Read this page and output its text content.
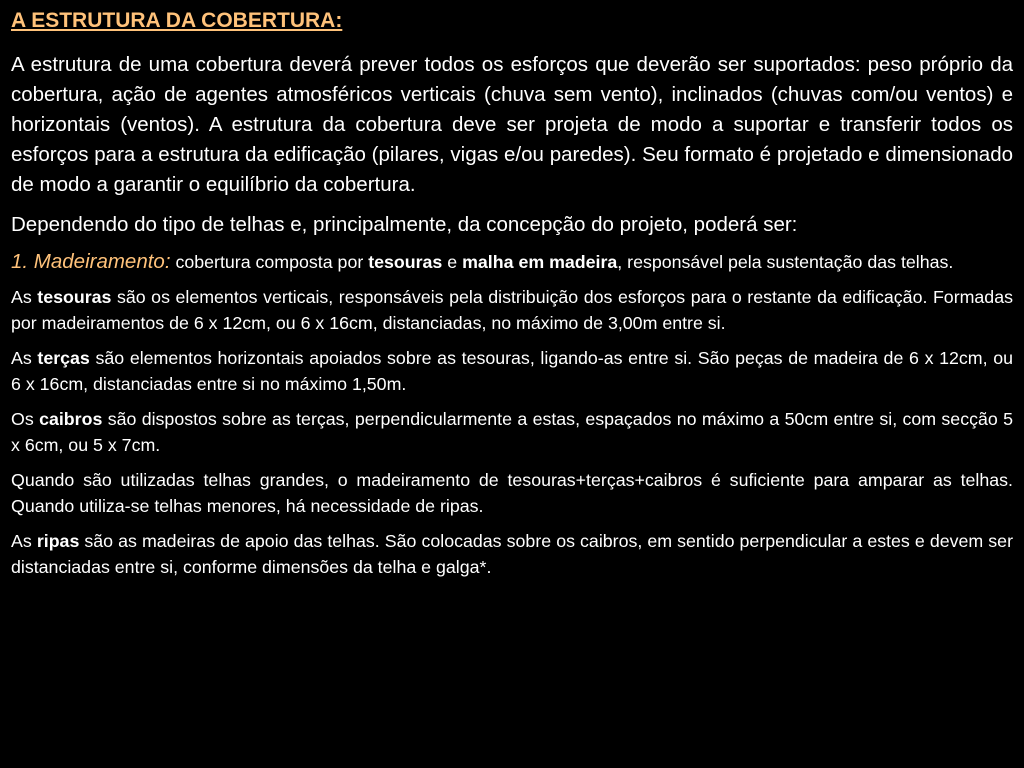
A ESTRUTURA DA COBERTURA:

A estrutura de uma cobertura deverá prever todos os esforços que deverão ser suportados: peso próprio da cobertura, ação de agentes atmosféricos verticais (chuva sem vento), inclinados (chuvas com/ou ventos) e horizontais (ventos). A estrutura da cobertura deve ser projeta de modo a suportar e transferir todos os esforços para a estrutura da edificação (pilares, vigas e/ou paredes). Seu formato é projetado e dimensionado de modo a garantir o equilíbrio da cobertura.

Dependendo do tipo de telhas e, principalmente, da concepção do projeto, poderá ser:

1. Madeiramento: cobertura composta por tesouras e malha em madeira, responsável pela sustentação das telhas.

As tesouras são os elementos verticais, responsáveis pela distribuição dos esforços para o restante da edificação. Formadas por madeiramentos de 6 x 12cm, ou 6 x 16cm, distanciadas, no máximo de 3,00m entre si.

As terças são elementos horizontais apoiados sobre as tesouras, ligando-as entre si. São peças de madeira de 6 x 12cm, ou 6 x 16cm, distanciadas entre si no máximo 1,50m.

Os caibros são dispostos sobre as terças, perpendicularmente a estas, espaçados no máximo a 50cm entre si, com secção 5 x 6cm, ou 5 x 7cm.

Quando são utilizadas telhas grandes, o madeiramento de tesouras+terças+caibros é suficiente para amparar as telhas. Quando utiliza-se telhas menores, há necessidade de ripas.

As ripas são as madeiras de apoio das telhas. São colocadas sobre os caibros, em sentido perpendicular a estes e devem ser distanciadas entre si, conforme dimensões da telha e galga*.
